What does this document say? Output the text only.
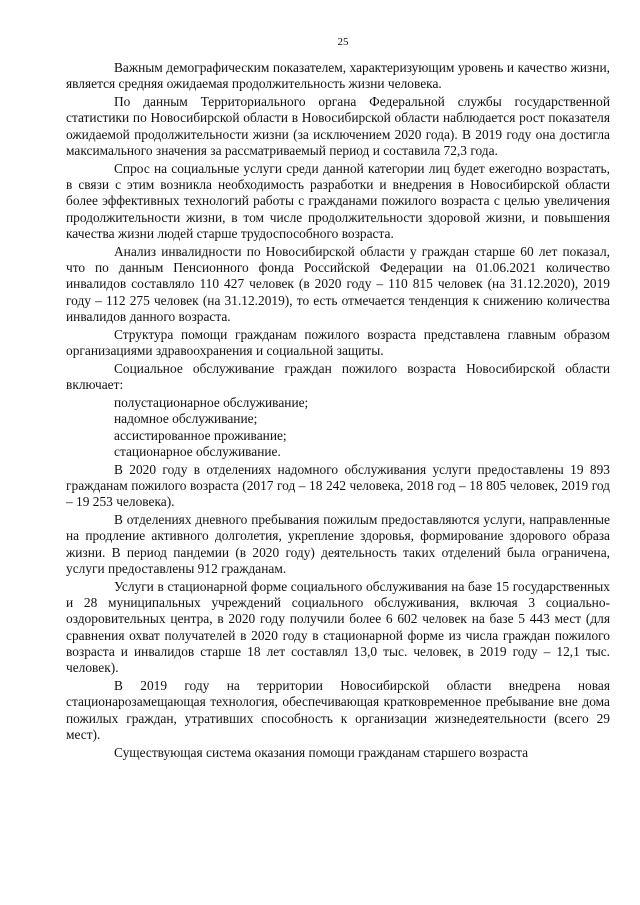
25

Важным демографическим показателем, характеризующим уровень и качество жизни, является средняя ожидаемая продолжительность жизни человека.

По данным Территориального органа Федеральной службы государственной статистики по Новосибирской области в Новосибирской области наблюдается рост показателя ожидаемой продолжительности жизни (за исключением 2020 года). В 2019 году она достигла максимального значения за рассматриваемый период и составила 72,3 года.

Спрос на социальные услуги среди данной категории лиц будет ежегодно возрастать, в связи с этим возникла необходимость разработки и внедрения в Новосибирской области более эффективных технологий работы с гражданами пожилого возраста с целью увеличения продолжительности жизни, в том числе продолжительности здоровой жизни, и повышения качества жизни людей старше трудоспособного возраста.

Анализ инвалидности по Новосибирской области у граждан старше 60 лет показал, что по данным Пенсионного фонда Российской Федерации на 01.06.2021 количество инвалидов составляло 110 427 человек (в 2020 году – 110 815 человек (на 31.12.2020), 2019 году – 112 275 человек (на 31.12.2019), то есть отмечается тенденция к снижению количества инвалидов данного возраста.

Структура помощи гражданам пожилого возраста представлена главным образом организациями здравоохранения и социальной защиты.

Социальное обслуживание граждан пожилого возраста Новосибирской области включает:

полустационарное обслуживание;
надомное обслуживание;
ассистированное проживание;
стационарное обслуживание.

В 2020 году в отделениях надомного обслуживания услуги предоставлены 19 893 гражданам пожилого возраста (2017 год – 18 242 человека, 2018 год – 18 805 человек, 2019 год – 19 253 человека).

В отделениях дневного пребывания пожилым предоставляются услуги, направленные на продление активного долголетия, укрепление здоровья, формирование здорового образа жизни. В период пандемии (в 2020 году) деятельность таких отделений была ограничена, услуги предоставлены 912 гражданам.

Услуги в стационарной форме социального обслуживания на базе 15 государственных и 28 муниципальных учреждений социального обслуживания, включая 3 социально-оздоровительных центра, в 2020 году получили более 6 602 человек на базе 5 443 мест (для сравнения охват получателей в 2020 году в стационарной форме из числа граждан пожилого возраста и инвалидов старше 18 лет составлял 13,0 тыс. человек, в 2019 году – 12,1 тыс. человек).

В 2019 году на территории Новосибирской области внедрена новая стационарозамещающая технология, обеспечивающая кратковременное пребывание вне дома пожилых граждан, утративших способность к организации жизнедеятельности (всего 29 мест).

Существующая система оказания помощи гражданам старшего возраста
